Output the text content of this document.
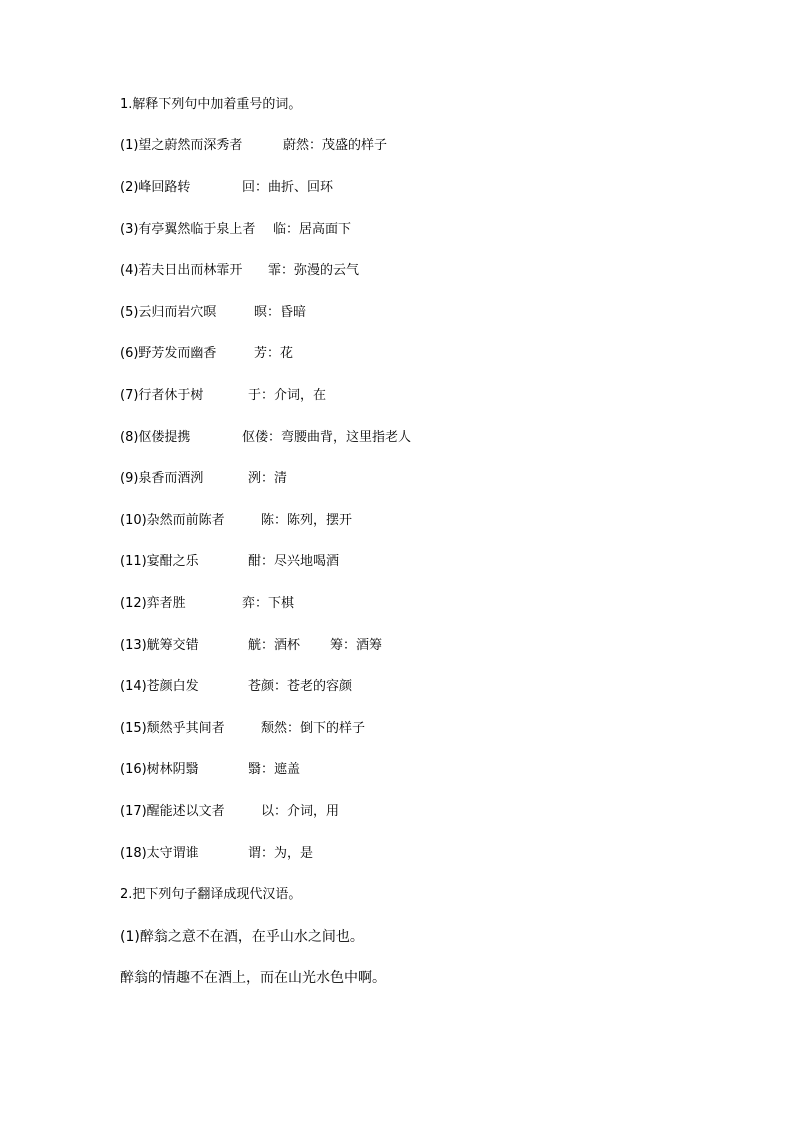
1.解释下列句中加着重号的词。
(1)望之蔚然而深秀者	蔚然：茂盛的样子
(2)峰回路转	回：曲折、回环
(3)有亭翼然临于泉上者 临：居高面下
(4)若夫日出而林霏开 霏：弥漫的云气
(5)云归而岩穴暝	暝：昏暗
(6)野芳发而幽香	芳：花
(7)行者休于树	于：介词，在
(8)伛偻提携	伛偻：弯腰曲背，这里指老人
(9)泉香而酒洌	洌：清
(10)杂然而前陈者	陈：陈列，摆开
(11)宴酣之乐	酣：尽兴地喝酒
(12)弈者胜	弈：下棋
(13)觥筹交错	觥：酒杯 筹：酒筹
(14)苍颜白发	苍颜：苍老的容颜
(15)颓然乎其间者	颓然：倒下的样子
(16)树林阴翳	翳：遮盖
(17)醒能述以文者	以：介词，用
(18)太守谓谁	谓：为，是
2.把下列句子翻译成现代汉语。
(1)醉翁之意不在酒，在乎山水之间也。
醉翁的情趣不在酒上，而在山光水色中啊。
